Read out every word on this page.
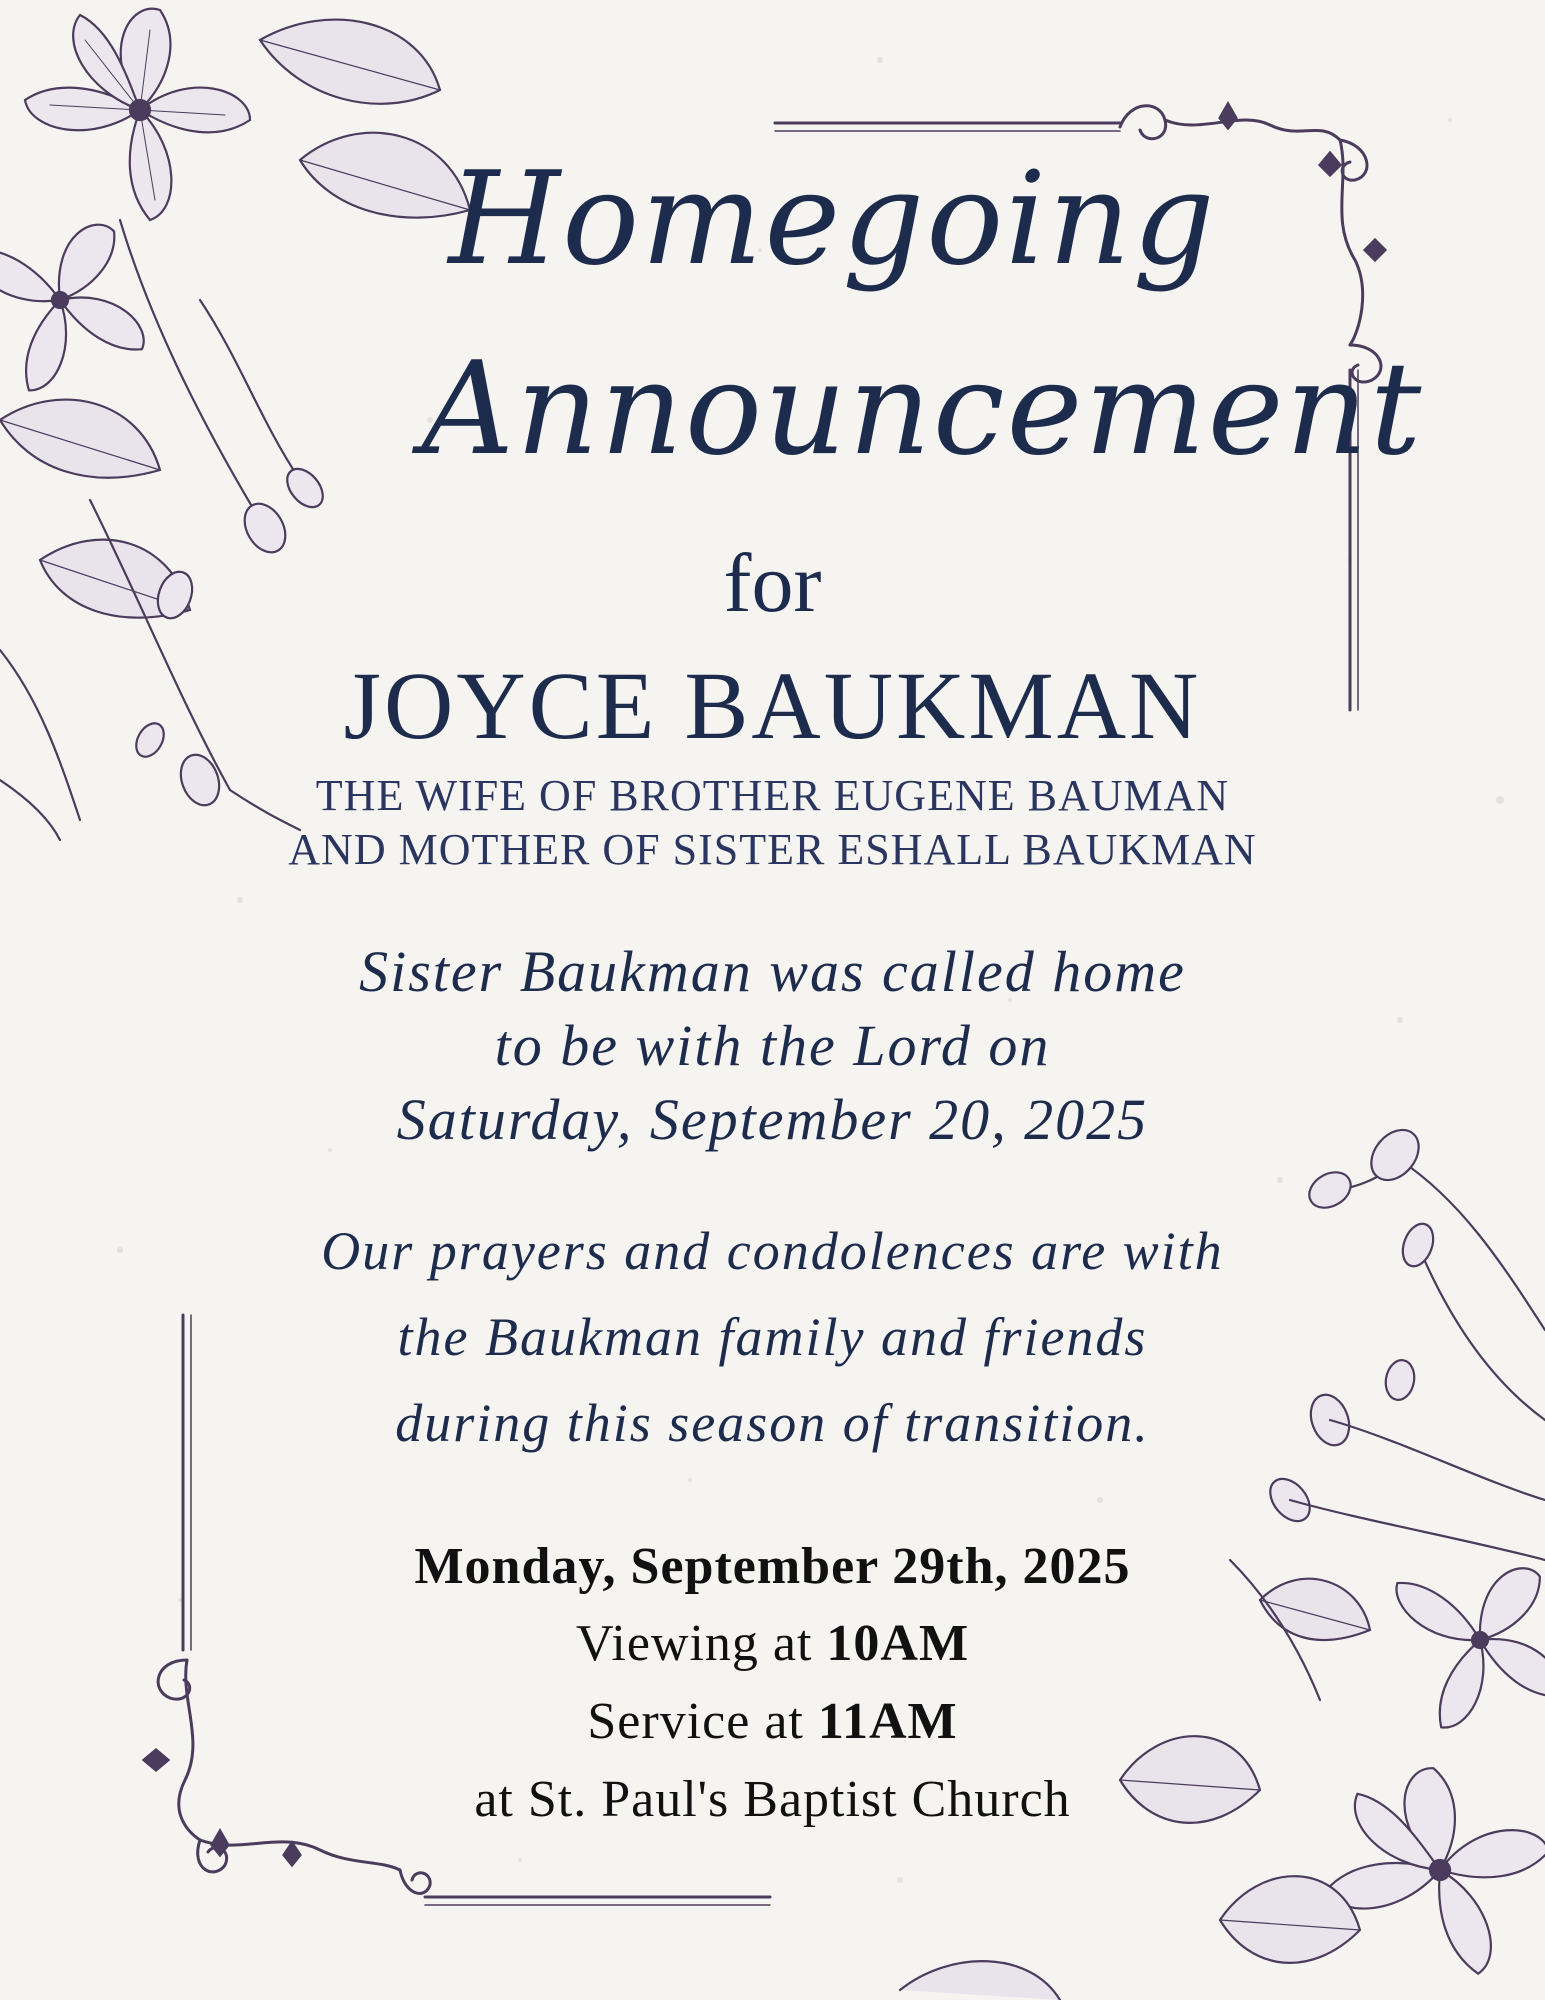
Homegoing
Announcement
for
JOYCE BAUKMAN
THE WIFE OF BROTHER EUGENE BAUMAN
AND MOTHER OF SISTER ESHALL BAUKMAN
Sister Baukman was called home
to be with the Lord on
Saturday, September 20, 2025
Our prayers and condolences are with
the Baukman family and friends
during this season of transition.
Monday, September 29th, 2025
Viewing at 10AM
Service at 11AM
at St. Paul's Baptist Church
